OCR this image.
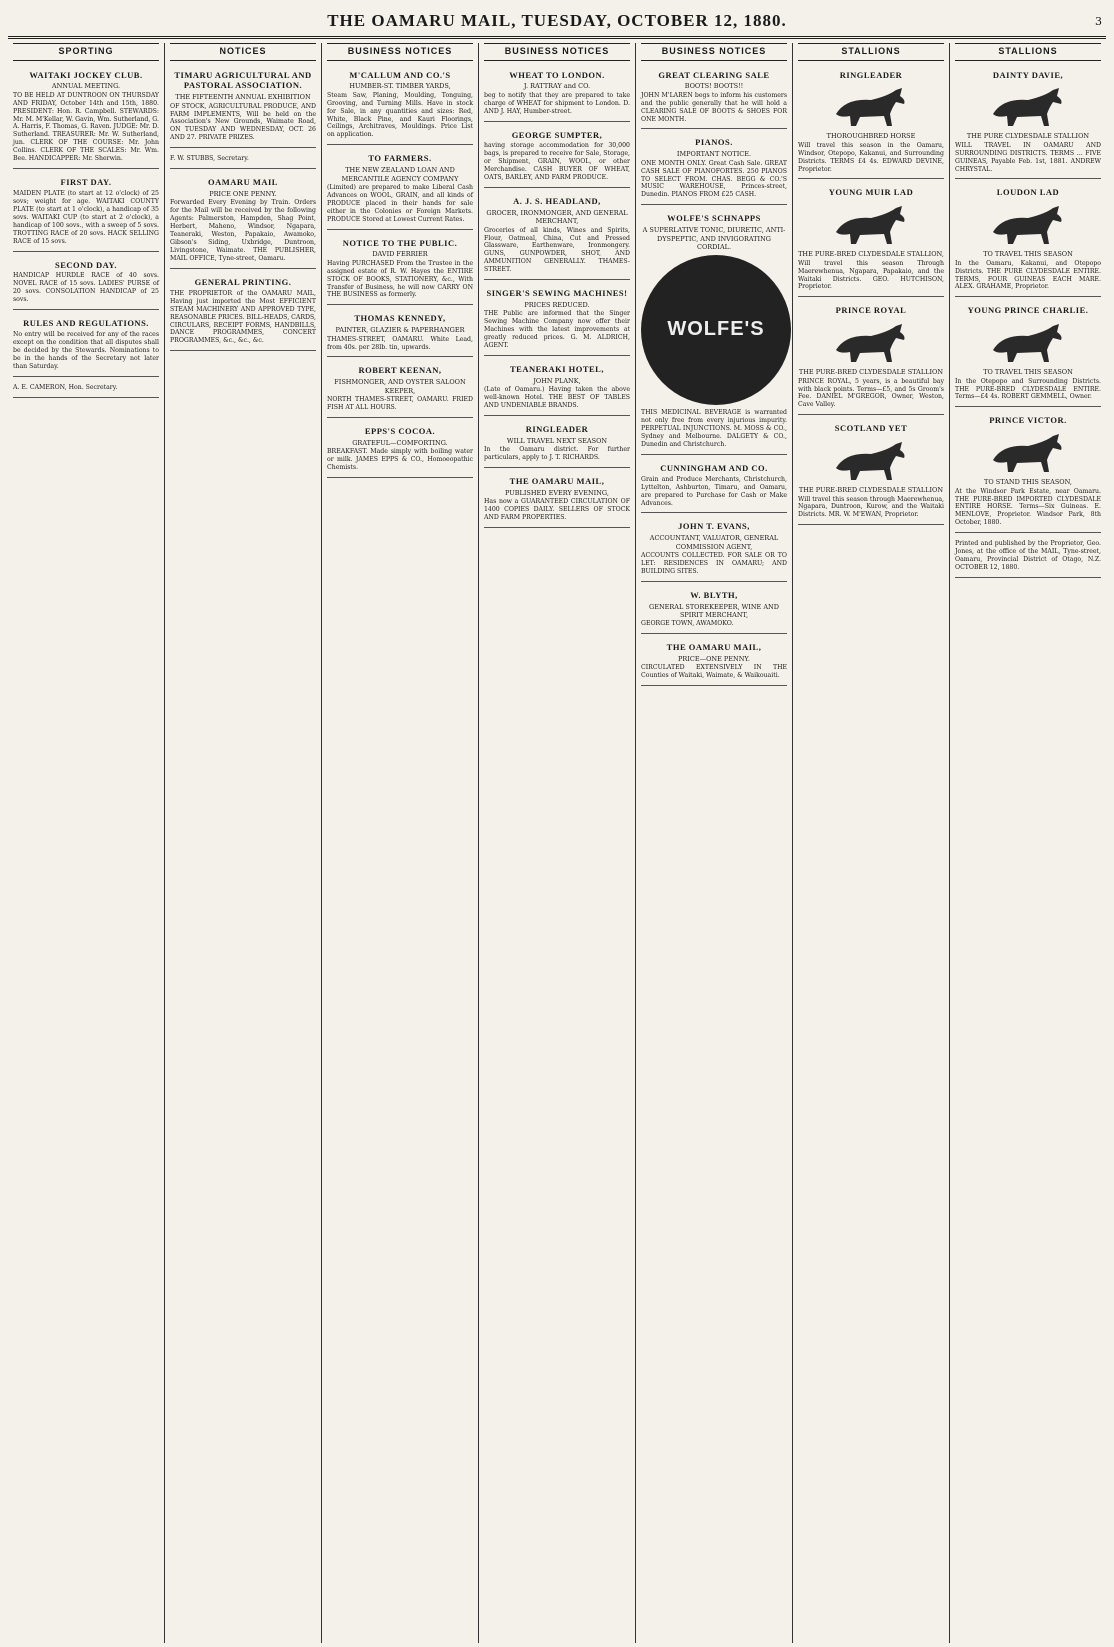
THE OAMARU MAIL, TUESDAY, OCTOBER 12, 1880.	3
SPORTING
WAITAKI JOCKEY CLUB.
ANNUAL MEETING.

TO BE HELD AT DUNTROON ON THURSDAY AND FRIDAY, October 14th and 15th, 1880. PRESIDENT: Hon. R. Campbell. STEWARDS: Mr. M. M'Kellar, W. Gavin, Wm. Sutherland, G. A. Harris, F. Thomas, G. Raven. JUDGE: Mr. D. Sutherland. TREASURER: Mr. W. Sutherland, jun. CLERK OF THE COURSE: Mr. John Collins. CLERK OF THE SCALES: Mr. Wm. Bee. HANDICAPPER: Mr. Sherwin.

FIRST DAY.

MAIDEN PLATE (to start at 12 o'clock) of 25 sovs; weight for age. WAITAKI COUNTY PLATE (to start at 1 o'clock), a handicap of 35 sovs. WAITAKI CUP (to start at 2 o'clock), a handicap of 100 sovs., with a sweep of 5 sovs. TROTTING RACE of 20 sovs. HACK SELLING RACE of 15 sovs.

SECOND DAY.

HANDICAP HURDLE RACE of 40 sovs. NOVEL RACE of 15 sovs. LADIES' PURSE of 20 sovs. CONSOLATION HANDICAP of 25 sovs.

RULES AND REGULATIONS.

No entry will be received for any of the races except on the condition that all disputes shall be decided by the Stewards. Nominations to be in the hands of the Secretary not later than Saturday.

A. E. CAMERON, Hon. Secretary.

NOTICES
TIMARU AGRICULTURAL AND PASTORAL ASSOCIATION.
THE FIFTEENTH ANNUAL EXHIBITION

OF STOCK, AGRICULTURAL PRODUCE, AND FARM IMPLEMENTS, Will be held on the Association's New Grounds, Waimate Road, ON TUESDAY AND WEDNESDAY, OCT. 26 AND 27. PRIVATE PRIZES.

F. W. STUBBS, Secretary.

OAMARU MAIL
PRICE ONE PENNY.

Forwarded Every Evening by Train. Orders for the Mail will be received by the following Agents: Palmerston, Hampden, Shag Point, Herbert, Maheno, Windsor, Ngapara, Teaneraki, Weston, Papakaio, Awamoko, Gibson's Siding, Uxbridge, Duntroon, Livingstone, Waimate. THE PUBLISHER, MAIL OFFICE, Tyne-street, Oamaru.

GENERAL PRINTING.

THE PROPRIETOR of the OAMARU MAIL, Having just imported the Most EFFICIENT STEAM MACHINERY AND APPROVED TYPE, REASONABLE PRICES. BILL-HEADS, CARDS, CIRCULARS, RECEIPT FORMS, HANDBILLS, DANCE PROGRAMMES, CONCERT PROGRAMMES, &c., &c., &c.

BUSINESS NOTICES
M'CALLUM AND CO.'S
HUMBER-ST. TIMBER YARDS,

Steam Saw, Planing, Moulding, Tonguing, Grooving, and Turning Mills. Have in stock for Sale, in any quantities and sizes: Red, White, Black Pine, and Kauri Floorings, Ceilings, Architraves, Mouldings. Price List on application.

TO FARMERS.
THE NEW ZEALAND LOAN AND MERCANTILE AGENCY COMPANY

(Limited) are prepared to make Liberal Cash Advances on WOOL, GRAIN, and all kinds of PRODUCE placed in their hands for sale either in the Colonies or Foreign Markets. PRODUCE Stored at Lowest Current Rates.

NOTICE TO THE PUBLIC.
DAVID FERRIER

Having PURCHASED From the Trustee in the assigned estate of R. W. Hayes the ENTIRE STOCK OF BOOKS, STATIONERY, &c., With Transfer of Business, he will now CARRY ON THE BUSINESS as formerly.

THOMAS KENNEDY,
PAINTER, GLAZIER & PAPERHANGER

THAMES-STREET, OAMARU. White Lead, from 40s. per 28lb. tin, upwards.

ROBERT KEENAN,
FISHMONGER, AND OYSTER SALOON KEEPER,

NORTH THAMES-STREET, OAMARU. FRIED FISH AT ALL HOURS.

EPPS'S COCOA.
GRATEFUL—COMFORTING.

BREAKFAST. Made simply with boiling water or milk. JAMES EPPS & CO., Homoeopathic Chemists.

BUSINESS NOTICES
WHEAT TO LONDON.
J. RATTRAY and CO.

beg to notify that they are prepared to take charge of WHEAT for shipment to London. D. AND J. HAY, Humber-street.

GEORGE SUMPTER,

having storage accommodation for 30,000 bags, is prepared to receive for Sale, Storage, or Shipment, GRAIN, WOOL, or other Merchandise. CASH BUYER OF WHEAT, OATS, BARLEY, AND FARM PRODUCE.

A. J. S. HEADLAND,
GROCER, IRONMONGER, AND GENERAL MERCHANT,

Groceries of all kinds, Wines and Spirits, Flour, Oatmeal, China, Cut and Pressed Glassware, Earthenware, Ironmongery. GUNS, GUNPOWDER, SHOT, AND AMMUNITION GENERALLY. THAMES-STREET.

SINGER'S SEWING MACHINES!
PRICES REDUCED.

THE Public are informed that the Singer Sewing Machine Company now offer their Machines with the latest improvements at greatly reduced prices. G. M. ALDRICH, AGENT.

TEANERAKI HOTEL,
JOHN PLANK,

(Late of Oamaru.) Having taken the above well-known Hotel. THE BEST OF TABLES AND UNDENIABLE BRANDS.

RINGLEADER
WILL TRAVEL NEXT SEASON

In the Oamaru district. For further particulars, apply to J. T. RICHARDS.

THE OAMARU MAIL,
PUBLISHED EVERY EVENING,

Has now a GUARANTEED CIRCULATION OF 1400 COPIES DAILY. SELLERS OF STOCK AND FARM PROPERTIES.

BUSINESS NOTICES
GREAT CLEARING SALE
BOOTS! BOOTS!!

JOHN M'LAREN begs to inform his customers and the public generally that he will hold a CLEARING SALE OF BOOTS & SHOES FOR ONE MONTH.

PIANOS.
IMPORTANT NOTICE.

ONE MONTH ONLY. Great Cash Sale. GREAT CASH SALE OF PIANOFORTES. 250 PIANOS TO SELECT FROM. CHAS. BEGG & CO.'S MUSIC WAREHOUSE, Princes-street, Dunedin. PIANOS FROM £25 CASH.

WOLFE'S SCHNAPPS
A SUPERLATIVE TONIC, DIURETIC, ANTI-DYSPEPTIC, AND INVIGORATING CORDIAL.
WOLFE'S

THIS MEDICINAL BEVERAGE is warranted not only free from every injurious impurity. PERPETUAL INJUNCTIONS. M. MOSS & CO., Sydney and Melbourne. DALGETY & CO., Dunedin and Christchurch.

CUNNINGHAM AND CO.

Grain and Produce Merchants, Christchurch, Lyttelton, Ashburton, Timaru, and Oamaru, are prepared to Purchase for Cash or Make Advances.

JOHN T. EVANS,
ACCOUNTANT, VALUATOR, GENERAL COMMISSION AGENT,

ACCOUNTS COLLECTED. FOR SALE OR TO LET: RESIDENCES IN OAMARU; AND BUILDING SITES.

W. BLYTH,
GENERAL STOREKEEPER, WINE AND SPIRIT MERCHANT,

GEORGE TOWN, AWAMOKO.

THE OAMARU MAIL,
PRICE—ONE PENNY.

CIRCULATED EXTENSIVELY IN THE Counties of Waitaki, Waimate, & Waikouaiti.

STALLIONS
RINGLEADER
THOROUGHBRED HORSE

Will travel this season in the Oamaru, Windsor, Otepopo, Kakanui, and Surrounding Districts. TERMS £4 4s. EDWARD DEVINE, Proprietor.

YOUNG MUIR LAD
THE PURE-BRED CLYDESDALE STALLION,

Will travel this season Through Maerewhenua, Ngapara, Papakaio, and the Waitaki Districts. GEO. HUTCHISON, Proprietor.

PRINCE ROYAL
THE PURE-BRED CLYDESDALE STALLION

PRINCE ROYAL, 5 years, is a beautiful bay with black points. Terms—£5, and 5s Groom's Fee. DANIEL M'GREGOR, Owner, Weston, Cave Valley.

SCOTLAND YET
THE PURE-BRED CLYDESDALE STALLION

Will travel this season through Maerewhenua, Ngapara, Duntroon, Kurow, and the Waitaki Districts. MR. W. M'EWAN, Proprietor.

STALLIONS
DAINTY DAVIE,
THE PURE CLYDESDALE STALLION

WILL TRAVEL IN OAMARU AND SURROUNDING DISTRICTS. TERMS ... FIVE GUINEAS, Payable Feb. 1st, 1881. ANDREW CHRYSTAL.

LOUDON LAD
TO TRAVEL THIS SEASON

In the Oamaru, Kakanui, and Otepopo Districts. THE PURE CLYDESDALE ENTIRE. TERMS, FOUR GUINEAS EACH MARE. ALEX. GRAHAME, Proprietor.

YOUNG PRINCE CHARLIE.
TO TRAVEL THIS SEASON

In the Otepopo and Surrounding Districts. THE PURE-BRED CLYDESDALE ENTIRE. Terms—£4 4s. ROBERT GEMMELL, Owner.

PRINCE VICTOR.
TO STAND THIS SEASON,

At the Windsor Park Estate, near Oamaru. THE PURE-BRED IMPORTED CLYDESDALE ENTIRE HORSE. Terms—Six Guineas. E. MENLOVE, Proprietor. Windsor Park, 8th October, 1880.

Printed and published by the Proprietor, Geo. Jones, at the office of the MAIL, Tyne-street, Oamaru, Provincial District of Otago, N.Z. OCTOBER 12, 1880.
